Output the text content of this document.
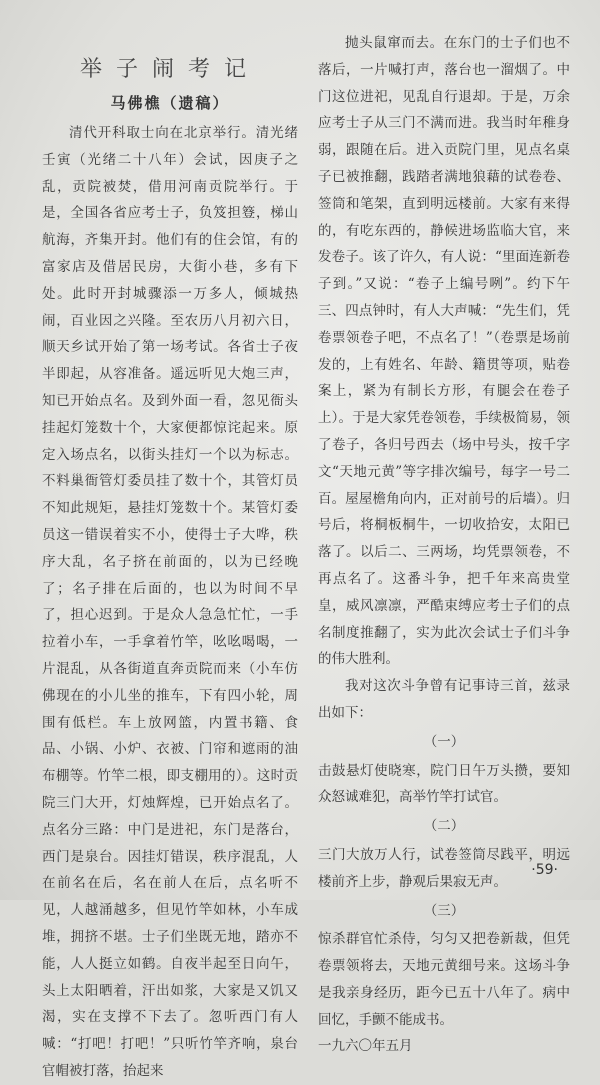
举子闹考记
马佛樵（遗稿）

清代开科取士向在北京举行。清光绪壬寅（光绪二十八年）会试，因庚子之乱，贡院被焚，借用河南贡院举行。于是，全国各省应考士子，负笈担簦，梯山航海，齐集开封。他们有的住会馆，有的富家店及借居民房，大街小巷，多有下处。此时开封城骤添一万多人，倾城热闹，百业因之兴隆。至农历八月初六日，顺天乡试开始了第一场考试。各省士子夜半即起，从容准备。遥远听见大炮三声，知已开始点名。及到外面一看，忽见衙头挂起灯笼数十个，大家便都惊诧起来。原定入场点名，以街头挂灯一个以为标志。不料巢衙管灯委员挂了数十个，其管灯员不知此规矩，悬挂灯笼数十个。某管灯委员这一错误着实不小，使得士子大哗，秩序大乱，名子挤在前面的，以为已经晚了；名子排在后面的，也以为时间不早了，担心迟到。于是众人急急忙忙，一手拉着小车，一手拿着竹竿，吆吆喝喝，一片混乱，从各街道直奔贡院而来（小车仿佛现在的小儿坐的推车，下有四小轮，周围有低栏。车上放网篮，内置书籍、食品、小锅、小炉、衣被、门帘和遮雨的油布棚等。竹竿二根，即支棚用的）。这时贡院三门大开，灯烛辉煌，已开始点名了。点名分三路：中门是进祀，东门是落台，西门是泉台。因挂灯错误，秩序混乱，人在前名在后，名在前人在后，点名听不见，人越涌越多，但见竹竿如林，小车成堆，拥挤不堪。士子们坐既无地，踏亦不能，人人挺立如鹤。自夜半起至日向午，头上太阳晒着，汗出如浆，大家是又饥又渴，实在支撑不下去了。忽听西门有人喊：“打吧！打吧！”只听竹竿齐响，泉台官帽被打落，抬起来

抛头鼠窜而去。在东门的士子们也不落后，一片喊打声，落台也一溜烟了。中门这位进祀，见乱自行退却。于是，万余应考士子从三门不满而进。我当时年稚身弱，跟随在后。进入贡院门里，见点名桌子已被推翻，践踏者满地狼藉的试卷卷、签筒和笔架，直到明远楼前。大家有来得的，有吃东西的，静候进场监临大官，来发卷子。该了许久，有人说：“里面连新卷子到。”又说：“卷子上编号咧”。约下午三、四点钟时，有人大声喊：“先生们，凭卷票领卷子吧，不点名了！”（卷票是场前发的，上有姓名、年龄、籍贯等项，贴卷案上，紧为有制长方形，有腿会在卷子上）。于是大家凭卷领卷，手续极简易，领了卷子，各归号西去（场中号头，按千字文“天地元黄”等字排次编号，每字一号二百。屋屋檐角向内，正对前号的后墙）。归号后，将桐板桐牛，一切收拾安，太阳已落了。以后二、三两场，均凭票领卷，不再点名了。这番斗争，把千年来高贵堂皇，威风凛凛，严酷束缚应考士子们的点名制度推翻了，实为此次会试士子们斗争的伟大胜利。

我对这次斗争曾有记事诗三首，兹录出如下：

（一）

击鼓悬灯使晓寒，院门日午万头攒，要知众怒诚难犯，高举竹竿打试官。

（二）

三门大放万人行，试卷签筒尽践平，明远楼前齐上步，静观后果寂无声。

（三）

惊杀群官忙杀侍，匀匀又把卷新裁，但凭卷票领将去，天地元黄细号来。这场斗争是我亲身经历，距今已五十八年了。病中回忆，手颤不能成书。

一九六〇年五月

·59·
